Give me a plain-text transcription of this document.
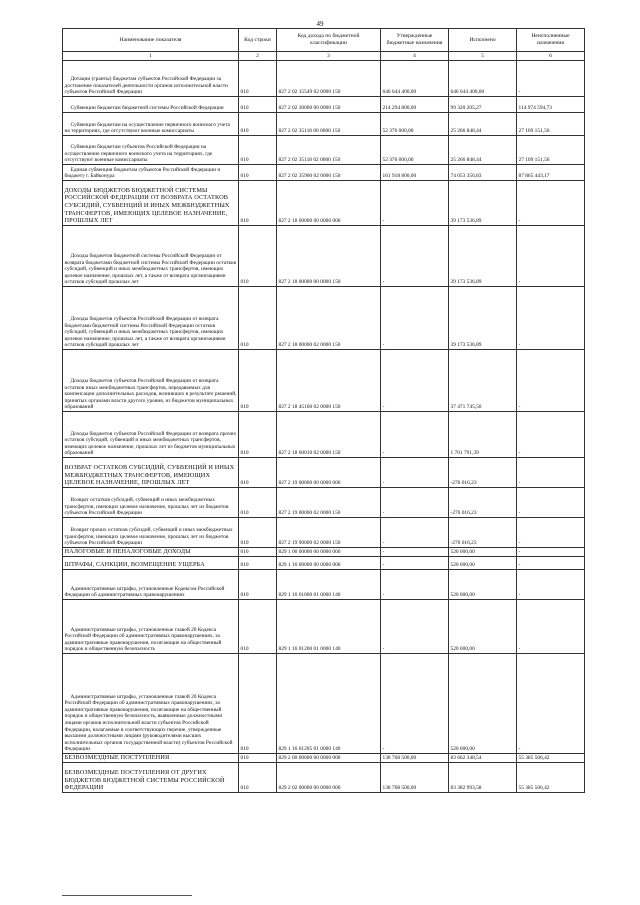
49
Наименование показателя	Код строки	Код дохода по бюджетной классификации	Утвержденные бюджетные назначения	Исполнено	Неисполненные назначения
1	2	3	4	5	6
Дотации (гранты) бюджетам субъектов Российской Федерации за достижение показателей деятельности органов исполнительной власти субъектов Российской Федерации	010	827 2 02 15549 02 0000 150	646 644 400,00	646 644 400,00	-
Субвенции бюджетам бюджетной системы Российской Федерации	010	827 2 02 30000 00 0000 150	214 294 800,00	99 320 205,27	114 974 594,73
Субвенции бюджетам на осуществление первичного воинского учета на территориях, где отсутствуют военные комиссариаты	010	827 2 02 35118 00 0000 150	52 376 000,00	25 266 848,44	27 109 151,56
Субвенции бюджетам субъектов Российской Федерации на осуществление первичного воинского учета на территориях, где отсутствуют военные комиссариаты	010	827 2 02 35118 02 0000 150	52 376 000,00	25 266 848,44	27 109 151,56
Единая субвенция бюджетам субъектов Российской Федерации и бюджету г. Байконура	010	827 2 02 35900 02 0000 150	161 918 800,00	74 053 356,83	87 865 443,17
ДОХОДЫ БЮДЖЕТОВ БЮДЖЕТНОЙ СИСТЕМЫ РОССИЙСКОЙ ФЕДЕРАЦИИ ОТ ВОЗВРАТА ОСТАТКОВ СУБСИДИЙ, СУБВЕНЦИЙ И ИНЫХ МЕЖБЮДЖЕТНЫХ ТРАНСФЕРТОВ, ИМЕЮЩИХ ЦЕЛЕВОЕ НАЗНАЧЕНИЕ, ПРОШЛЫХ ЛЕТ	010	827 2 18 00000 00 0000 000	-	39 173 536,89	-
Доходы бюджетов бюджетной системы Российской Федерации от возврата бюджетами бюджетной системы Российской Федерации остатков субсидий, субвенций и иных межбюджетных трансфертов, имеющих целевое назначение, прошлых лет, а также от возврата организациями остатков субсидий прошлых лет	010	827 2 18 00000 00 0000 150	-	39 173 536,89	-
Доходы бюджетов субъектов Российской Федерации от возврата бюджетами бюджетной системы Российской Федерации остатков субсидий, субвенций и иных межбюджетных трансфертов, имеющих целевое назначение, прошлых лет, а также от возврата организациями остатков субсидий прошлых лет	010	827 2 18 00000 02 0000 150	-	39 173 536,89	-
Доходы бюджетов субъектов Российской Федерации от возврата остатков иных межбюджетных трансфертов, передаваемых для компенсации дополнительных расходов, возникших в результате решений, принятых органами власти другого уровня, из бюджетов муниципальных образований	010	827 2 18 45160 02 0000 150	-	37 471 745,50	-
Доходы бюджетов субъектов Российской Федерации от возврата прочих остатков субсидий, субвенций и иных межбюджетных трансфертов, имеющих целевое назначение, прошлых лет из бюджетов муниципальных образований	010	827 2 18 60010 02 0000 150	-	1 701 791,39	-
ВОЗВРАТ ОСТАТКОВ СУБСИДИЙ, СУБВЕНЦИЙ И ИНЫХ МЕЖБЮДЖЕТНЫХ ТРАНСФЕРТОВ, ИМЕЮЩИХ ЦЕЛЕВОЕ НАЗНАЧЕНИЕ, ПРОШЛЫХ ЛЕТ	010	827 2 19 00000 00 0000 000	-	-276 016,23	-
Возврат остатков субсидий, субвенций и иных межбюджетных трансфертов, имеющих целевое назначение, прошлых лет из бюджетов субъектов Российской Федерации	010	827 2 19 00000 02 0000 150	-	-276 016,23	-
Возврат прочих остатков субсидий, субвенций и иных межбюджетных трансфертов, имеющих целевое назначение, прошлых лет из бюджетов субъектов Российской Федерации	010	827 2 19 90000 02 0000 150	-	-276 016,23	-
НАЛОГОВЫЕ И НЕНАЛОГОВЫЕ ДОХОДЫ	010	829 1 00 00000 00 0000 000	-	520 000,00	-
ШТРАФЫ, САНКЦИИ, ВОЗМЕЩЕНИЕ УЩЕРБА	010	829 1 16 00000 00 0000 000	-	520 000,00	-
Административные штрафы, установленные Кодексом Российской Федерации об административных правонарушениях	010	829 1 16 01000 01 0000 140	-	520 000,00	-
Административные штрафы, установленные главой 20 Кодекса Российской Федерации об административных правонарушениях, за административные правонарушения, посягающие на общественный порядок и общественную безопасность	010	829 1 16 01200 01 0000 140	-	520 000,00	-
Административные штрафы, установленные главой 20 Кодекса Российской Федерации об административных правонарушениях, за административные правонарушения, посягающие на общественный порядок и общественную безопасность, выявленные должностными лицами органов исполнительной власти субъектов Российской Федерации, налагаемые в соответствующих перечне, утвержденные высшими должностными лицами (руководителями высших исполнительных органов государственной власти) субъектов Российской Федерации	010	829 1 16 01205 01 0000 140	-	520 000,00	-
БЕЗВОЗМЕЗДНЫЕ ПОСТУПЛЕНИЯ	010	829 2 00 00000 00 0000 000	138 768 500,00	83 662 348,54	55 385 506,42
БЕЗВОЗМЕЗДНЫЕ ПОСТУПЛЕНИЯ ОТ ДРУГИХ БЮДЖЕТОВ БЮДЖЕТНОЙ СИСТЕМЫ РОССИЙСКОЙ ФЕДЕРАЦИИ	010	829 2 02 00000 00 0000 000	138 768 500,00	83 382 993,58	55 385 506,42
